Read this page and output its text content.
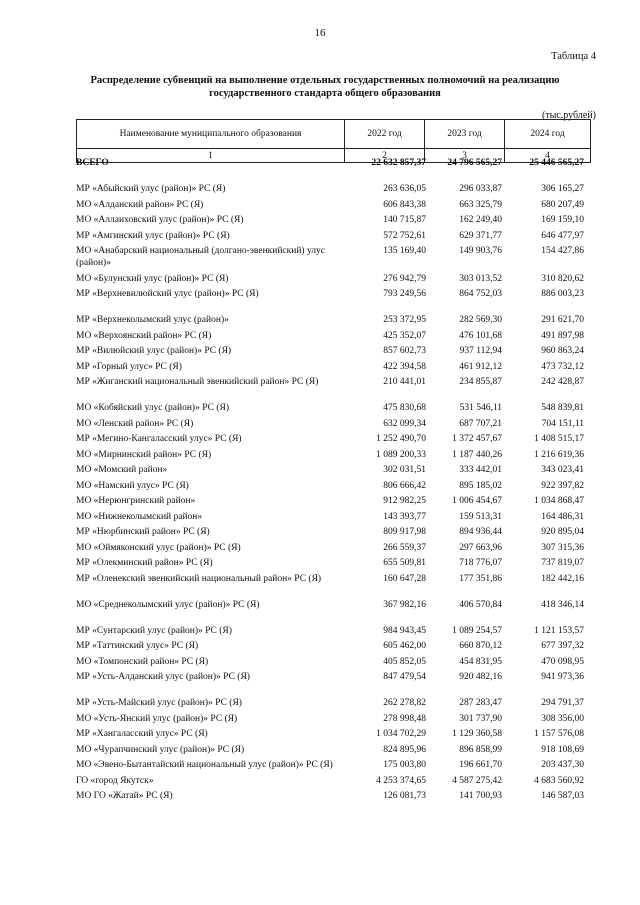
16
Таблица 4
Распределение субвенций на выполнение отдельных государственных полномочий на реализацию государственного стандарта общего образования
(тыс.рублей)
Наименование муниципального образования	2022 год	2023 год	2024 год
1	2	3	4
ВСЕГО	22 632 857,37	24 796 565,27	25 446 565,27
МР «Абыйский улус (район)» РС (Я)	263 636,05	296 033,87	306 165,27
МО «Алданский район» РС (Я)	606 843,38	663 325,79	680 207,49
МО «Аллаиховский улус (район)» РС (Я)	140 715,87	162 249,40	169 159,10
МР «Амгинский улус (район)» РС (Я)	572 752,61	629 371,77	646 477,97
МО «Анабарский национальный (долгано-эвенкийский) улус (район)»
135 169,40	149 903,76	154 427,86
МО «Булунский улус (район)» РС (Я)	276 942,79	303 013,52	310 820,62
МР «Верхневилюйский улус (район)» РС (Я)	793 249,56	864 752,03	886 003,23
МР «Верхнеколымский улус (район)»	253 372,95	282 569,30	291 621,70
МО «Верхоянский район» РС (Я)	425 352,07	476 101,68	491 897,98
МР «Вилюйский улус (район)» РС (Я)	857 602,73	937 112,94	960 863,24
МР «Горный улус» РС (Я)	422 394,58	461 912,12	473 732,12
МР «Жиганский национальный эвенкийский район» РС (Я)	210 441,01	234 855,87	242 428,87
МО «Кобяйский улус (район)» РС (Я)	475 830,68	531 546,11	548 839,81
МО «Ленский район» РС (Я)	632 099,34	687 707,21	704 151,11
МР «Мегино-Кангаласский улус» РС (Я)	1 252 490,70	1 372 457,67	1 408 515,17
МО «Мирнинский район» РС (Я)	1 089 200,33	1 187 440,26	1 216 619,36
МО «Момский район»	302 031,51	333 442,01	343 023,41
МО «Намский улус» РС (Я)	806 666,42	895 185,02	922 397,82
МО «Нерюнгринский район»	912 982,25	1 006 454,67	1 034 868,47
МО «Нижнеколымский район»	143 393,77	159 513,31	164 486,31
МР «Нюрбинский район» РС (Я)	809 917,98	894 936,44	920 895,04
МО «Оймяконский улус (район)» РС (Я)	266 559,37	297 663,96	307 315,36
МР «Олекминский район» РС (Я)	655 509,81	718 776,07	737 819,07
МР «Оленекский эвенкийский национальный район» РС (Я)	160 647,28	177 351,86	182 442,16
МО «Среднеколымский улус (район)» РС (Я)	367 982,16	406 570,84	418 346,14
МР «Сунтарский улус (район)» РС (Я)	984 943,45	1 089 254,57	1 121 153,57
МР «Таттинский улус» РС (Я)	605 462,00	660 870,12	677 397,32
МО «Томпонский район» РС (Я)	405 852,05	454 831,95	470 098,95
МР «Усть-Алданский улус (район)» РС (Я)	847 479,54	920 482,16	941 973,36
МР «Усть-Майский улус (район)» РС (Я)	262 278,82	287 283,47	294 791,37
МО «Усть-Янский улус (район)» РС (Я)	278 998,48	301 737,90	308 356,00
МР «Хангаласский улус» РС (Я)	1 034 702,29	1 129 360,58	1 157 576,08
МО «Чурапчинский улус (район)» РС (Я)	824 895,96	896 858,99	918 108,69
МО «Эвено-Бытантайский национальный улус (район)» РС (Я)	175 003,80	196 661,70	203 437,30
ГО «город Якутск»	4 253 374,65	4 587 275,42	4 683 560,92
МО ГО «Жатай» РС (Я)	126 081,73	141 700,93	146 587,03
